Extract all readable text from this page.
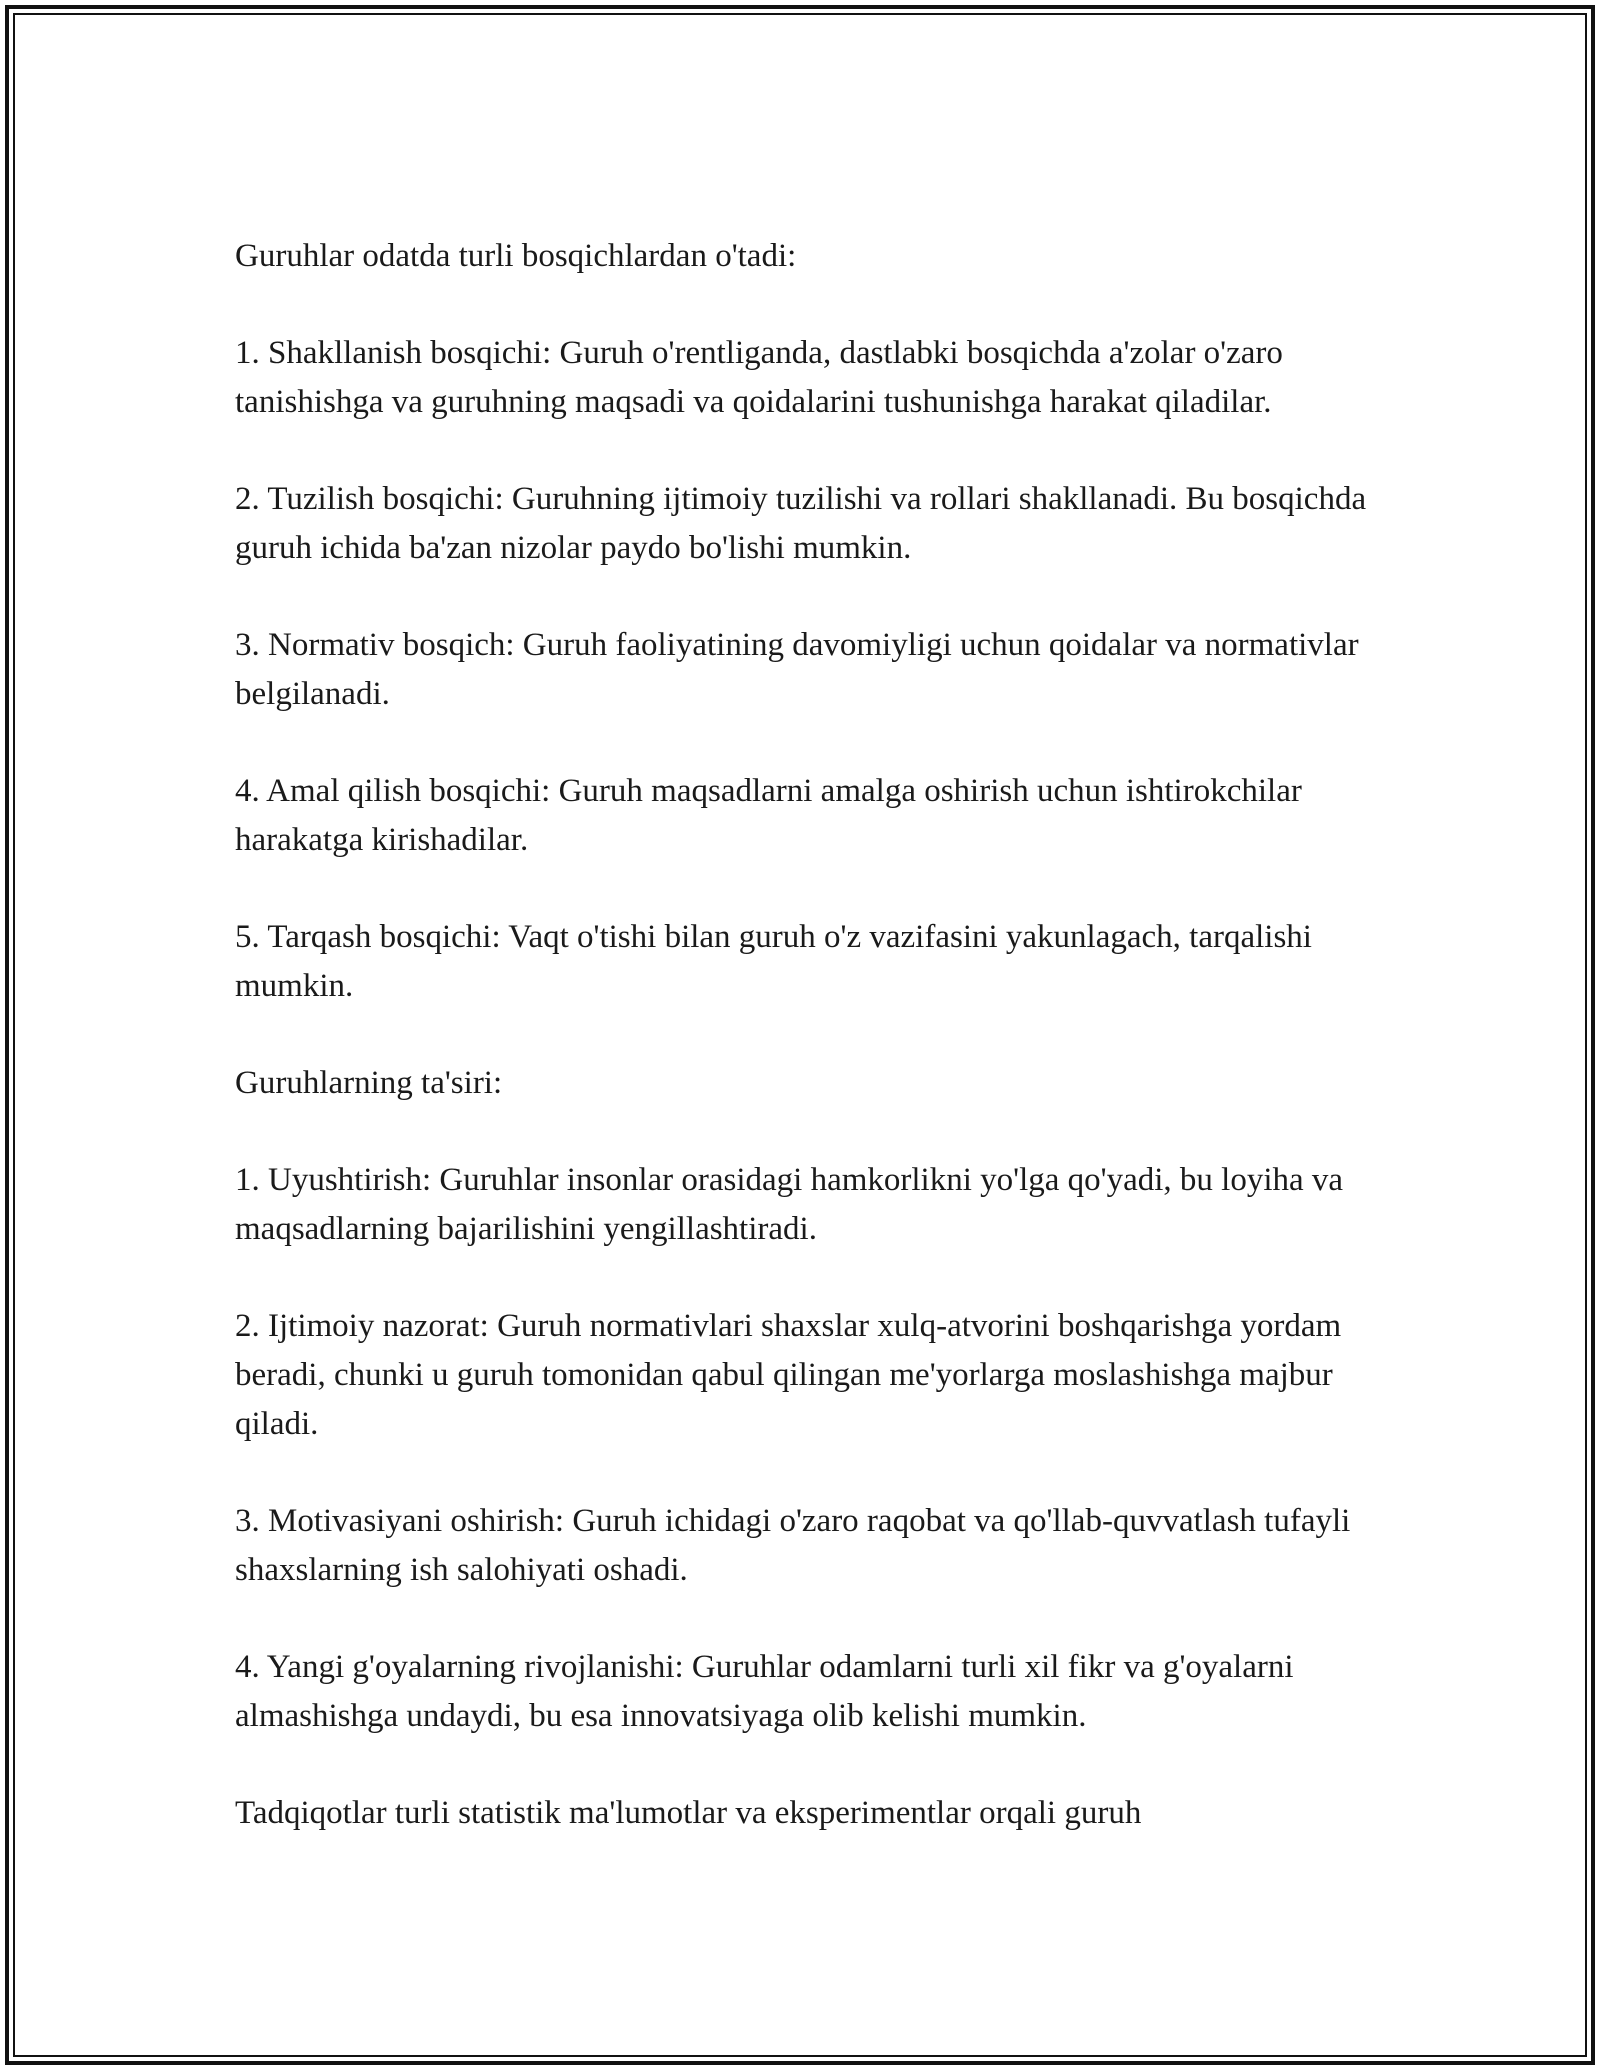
Guruhlar odatda turli bosqichlardan o'tadi:

1. Shakllanish bosqichi: Guruh o'rentliganda, dastlabki bosqichda a'zolar o'zaro tanishishga va guruhning maqsadi va qoidalarini tushunishga harakat qiladilar.

2. Tuzilish bosqichi: Guruhning ijtimoiy tuzilishi va rollari shakllanadi. Bu bosqichda guruh ichida ba'zan nizolar paydo bo'lishi mumkin.

3. Normativ bosqich: Guruh faoliyatining davomiyligi uchun qoidalar va normativlar belgilanadi.

4. Amal qilish bosqichi: Guruh maqsadlarni amalga oshirish uchun ishtirokchilar harakatga kirishadilar.

5. Tarqash bosqichi: Vaqt o'tishi bilan guruh o'z vazifasini yakunlagach, tarqalishi mumkin.

Guruhlarning ta'siri:

1. Uyushtirish: Guruhlar insonlar orasidagi hamkorlikni yo'lga qo'yadi, bu loyiha va maqsadlarning bajarilishini yengillashtiradi.

2. Ijtimoiy nazorat: Guruh normativlari shaxslar xulq-atvorini boshqarishga yordam beradi, chunki u guruh tomonidan qabul qilingan me'yorlarga moslashishga majbur qiladi.

3. Motivasiyani oshirish: Guruh ichidagi o'zaro raqobat va qo'llab-quvvatlash tufayli shaxslarning ish salohiyati oshadi.

4. Yangi g'oyalarning rivojlanishi: Guruhlar odamlarni turli xil fikr va g'oyalarni almashishga undaydi, bu esa innovatsiyaga olib kelishi mumkin.

Tadqiqotlar turli statistik ma'lumotlar va eksperimentlar orqali guruh
